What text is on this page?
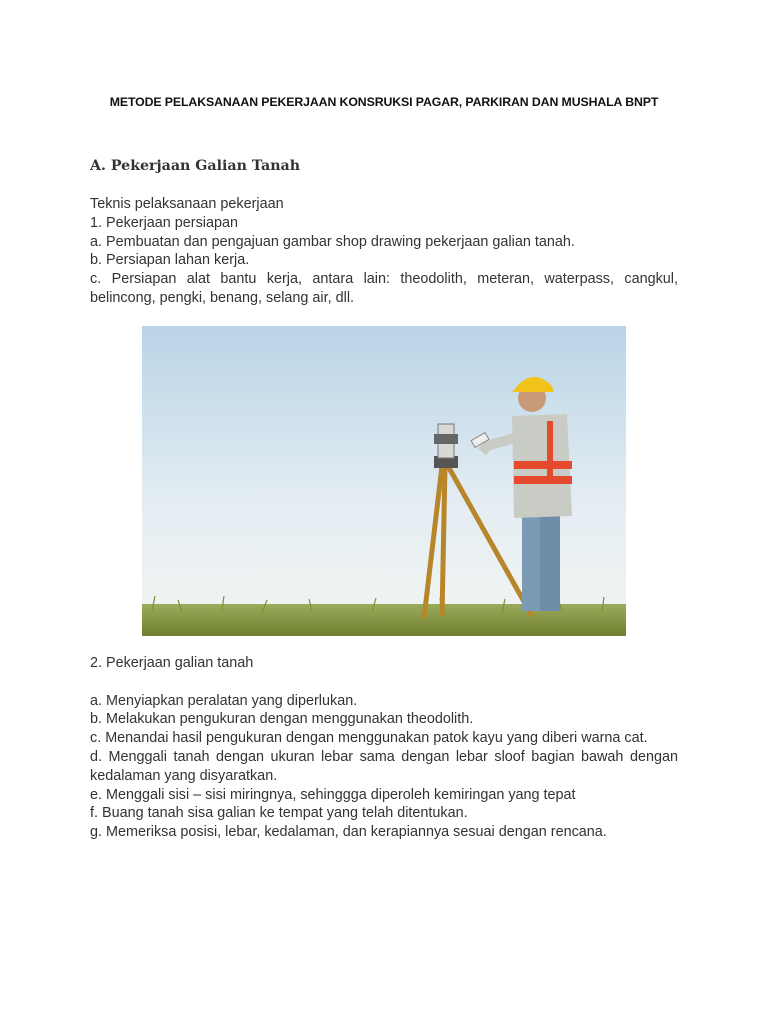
METODE PELAKSANAAN PEKERJAAN KONSRUKSI PAGAR, PARKIRAN DAN MUSHALA BNPT
A. Pekerjaan Galian Tanah

Teknis pelaksanaan pekerjaan

1. Pekerjaan persiapan

a. Pembuatan dan pengajuan gambar shop drawing pekerjaan galian tanah.

b. Persiapan lahan kerja.

c. Persiapan alat bantu kerja, antara lain: theodolith, meteran, waterpass, cangkul, belincong, pengki, benang, selang air, dll.

2. Pekerjaan galian tanah

a. Menyiapkan peralatan yang diperlukan.

b. Melakukan pengukuran dengan menggunakan theodolith.

c. Menandai hasil pengukuran dengan menggunakan patok kayu yang diberi warna cat.

d. Menggali tanah dengan ukuran lebar sama dengan lebar sloof bagian bawah dengan kedalaman yang disyaratkan.

e. Menggali sisi – sisi miringnya, sehinggga diperoleh kemiringan yang tepat

f. Buang tanah sisa galian ke tempat yang telah ditentukan.

g. Memeriksa posisi, lebar, kedalaman, dan kerapiannya sesuai dengan rencana.
